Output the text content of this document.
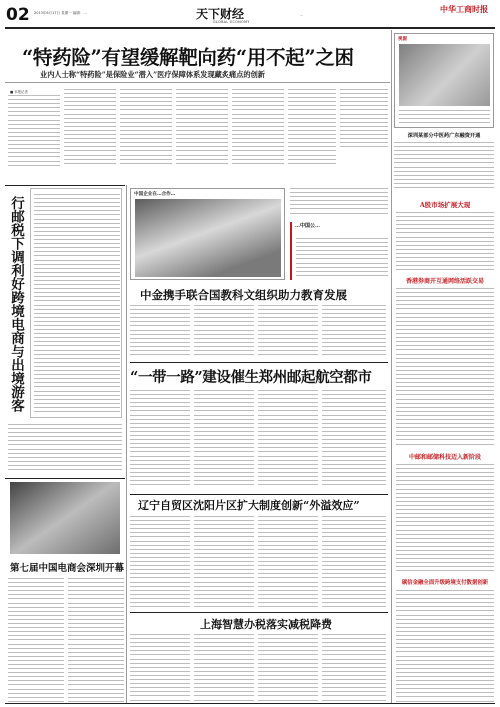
02 2013年6月17日 星期一 编辑：…	天下财经
GLOBAL ECONOMY
中华工商时报
…
“特药险”有望缓解靶向药“用不起”之困
业内人士称“特药险”是保险业“潜入”医疗保障体系发现藏炙痛点的创新
■ 本报记者
视窗
深圳某部分中医药广东融资开通
行邮税下调利好跨境电商与出境游客
中国企业在…合作…
…中国公…
中金携手联合国教科文组织助力教育发展
“一带一路”建设催生郑州邮起航空都市
辽宁自贸区沈阳片区扩大制度创新“外溢效应”
第七届中国电商会深圳开幕
上海智慧办税落实减税降费
A股市场扩展大现
香港券商开互通网络活跃交易
中邮和邮储科技迈入新阶段
碳信金融全面升级跨境支付数据创新
